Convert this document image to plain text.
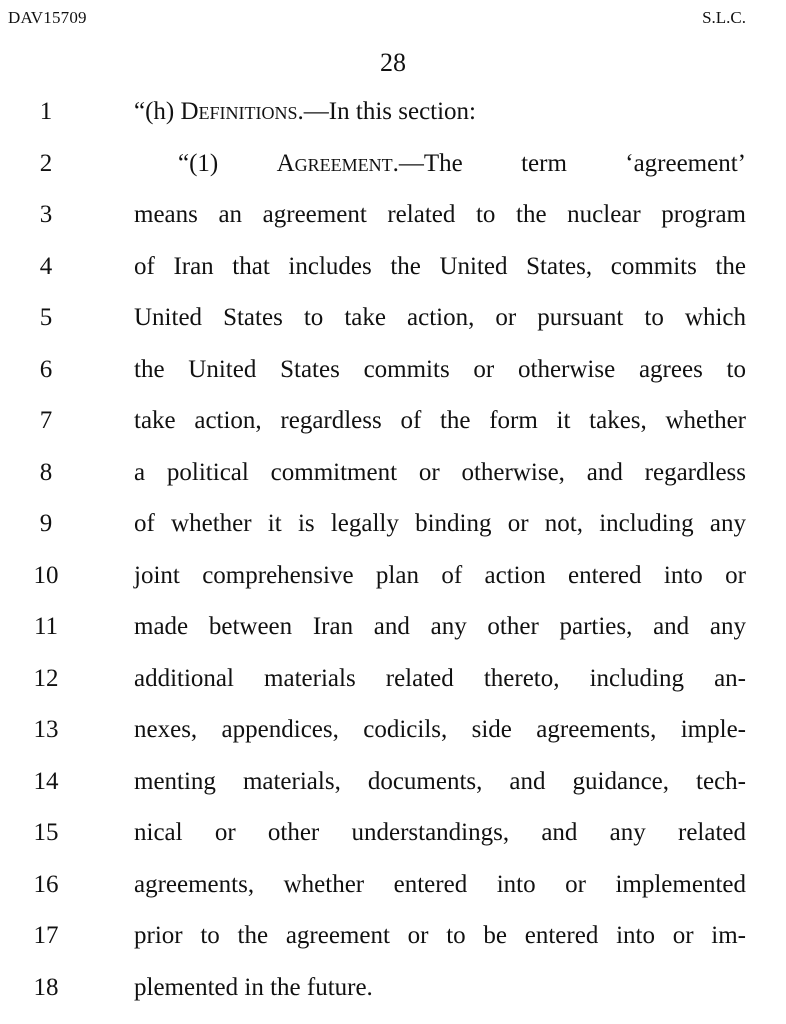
DAV15709	S.L.C.
28
1	“(h) Definitions.—In this section:
2	“(1) Agreement.—The term ‘agreement’
3	means an agreement related to the nuclear program
4	of Iran that includes the United States, commits the
5	United States to take action, or pursuant to which
6	the United States commits or otherwise agrees to
7	take action, regardless of the form it takes, whether
8	a political commitment or otherwise, and regardless
9	of whether it is legally binding or not, including any
10	joint comprehensive plan of action entered into or
11	made between Iran and any other parties, and any
12	additional materials related thereto, including an-
13	nexes, appendices, codicils, side agreements, imple-
14	menting materials, documents, and guidance, tech-
15	nical or other understandings, and any related
16	agreements, whether entered into or implemented
17	prior to the agreement or to be entered into or im-
18	plemented in the future.
